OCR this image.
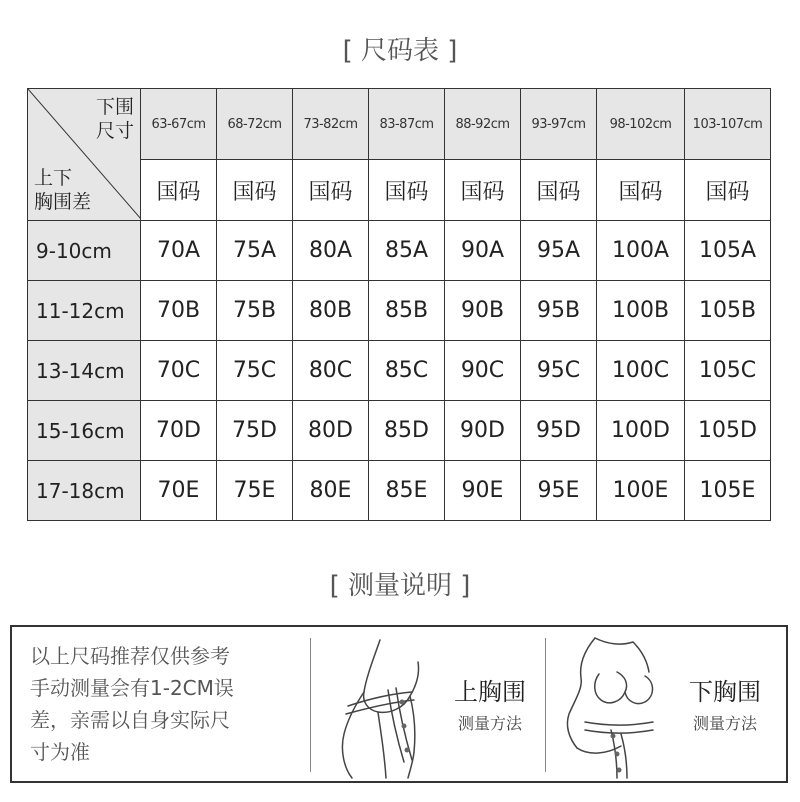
[ 尺码表 ]
下围
尺寸
上下
胸围差	63-67cm	68-72cm	73-82cm	83-87cm	88-92cm	93-97cm	98-102cm	103-107cm
	国码	国码	国码	国码	国码	国码	国码	国码
9-10cm	70A	75A	80A	85A	90A	95A	100A	105A
11-12cm	70B	75B	80B	85B	90B	95B	100B	105B
13-14cm	70C	75C	80C	85C	90C	95C	100C	105C
15-16cm	70D	75D	80D	85D	90D	95D	100D	105D
17-18cm	70E	75E	80E	85E	90E	95E	100E	105E
[ 测量说明 ]
以上尺码推荐仅供参考
手动测量会有1-2CM误
差，亲需以自身实际尺
寸为准
上胸围
测量方法
下胸围
测量方法
